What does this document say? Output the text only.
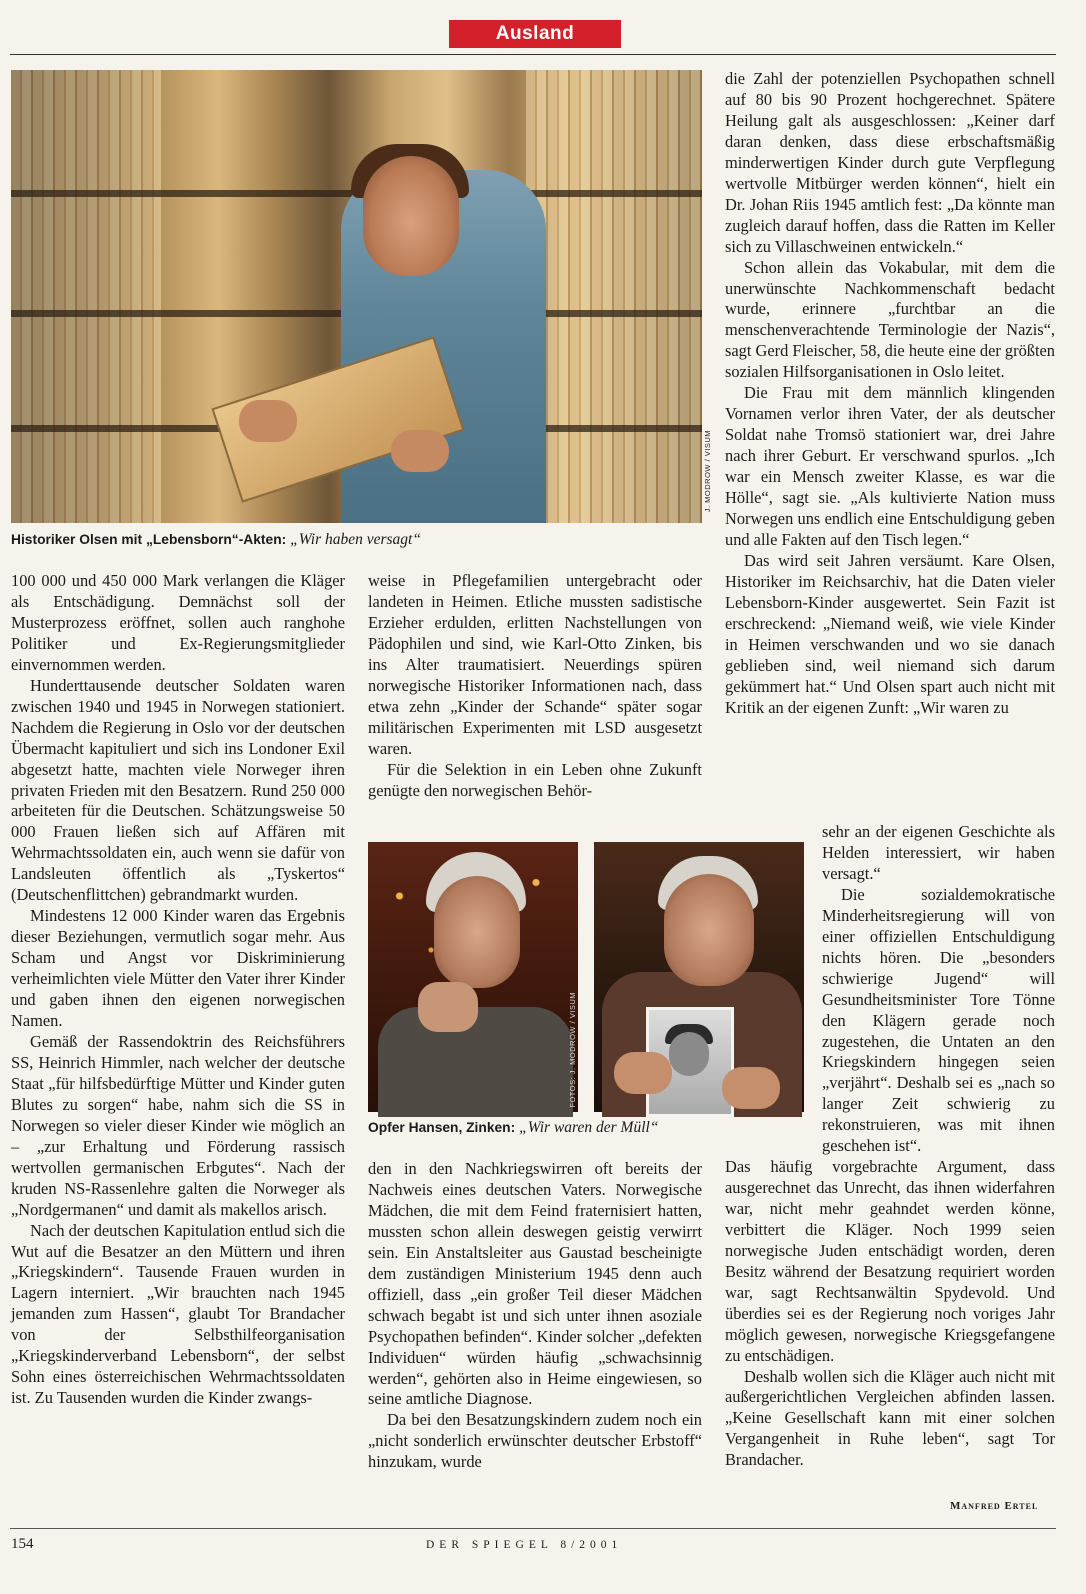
Ausland
J. MODROW / VISUM
Historiker Olsen mit „Lebensborn“-Akten: „Wir haben versagt“

100 000 und 450 000 Mark verlangen die Kläger als Entschädigung. Demnächst soll der Musterprozess eröffnet, sollen auch ranghohe Politiker und Ex-Regierungsmitglieder einvernommen werden.

Hunderttausende deutscher Soldaten waren zwischen 1940 und 1945 in Norwegen stationiert. Nachdem die Regierung in Oslo vor der deutschen Übermacht kapituliert und sich ins Londoner Exil abgesetzt hatte, machten viele Norweger ihren privaten Frieden mit den Besatzern. Rund 250 000 arbeiteten für die Deutschen. Schätzungsweise 50 000 Frauen ließen sich auf Affären mit Wehrmachtssoldaten ein, auch wenn sie dafür von Landsleuten öffentlich als „Tyskertos“ (Deutschenflittchen) gebrandmarkt wurden.

Mindestens 12 000 Kinder waren das Ergebnis dieser Beziehungen, vermutlich sogar mehr. Aus Scham und Angst vor Diskriminierung verheimlichten viele Mütter den Vater ihrer Kinder und gaben ihnen den eigenen norwegischen Namen.

Gemäß der Rassendoktrin des Reichsführers SS, Heinrich Himmler, nach welcher der deutsche Staat „für hilfsbedürftige Mütter und Kinder guten Blutes zu sorgen“ habe, nahm sich die SS in Norwegen so vieler dieser Kinder wie möglich an – „zur Erhaltung und Förderung rassisch wertvollen germanischen Erbgutes“. Nach der kruden NS-Rassenlehre galten die Norweger als „Nordgermanen“ und damit als makellos arisch.

Nach der deutschen Kapitulation entlud sich die Wut auf die Besatzer an den Müttern und ihren „Kriegskindern“. Tausende Frauen wurden in Lagern interniert. „Wir brauchten nach 1945 jemanden zum Hassen“, glaubt Tor Brandacher von der Selbsthilfeorganisation „Kriegskinderverband Lebensborn“, der selbst Sohn eines österreichischen Wehrmachtssoldaten ist. Zu Tausenden wurden die Kinder zwangs-

weise in Pflegefamilien untergebracht oder landeten in Heimen. Etliche mussten sadistische Erzieher erdulden, erlitten Nachstellungen von Pädophilen und sind, wie Karl-Otto Zinken, bis ins Alter traumatisiert. Neuerdings spüren norwegische Historiker Informationen nach, dass etwa zehn „Kinder der Schande“ später sogar militärischen Experimenten mit LSD ausgesetzt waren.

Für die Selektion in ein Leben ohne Zukunft genügte den norwegischen Behör-

FOTOS: J. MODROW / VISUM
Opfer Hansen, Zinken: „Wir waren der Müll“

den in den Nachkriegswirren oft bereits der Nachweis eines deutschen Vaters. Norwegische Mädchen, die mit dem Feind fraternisiert hatten, mussten schon allein deswegen geistig verwirrt sein. Ein Anstaltsleiter aus Gaustad bescheinigte dem zuständigen Ministerium 1945 denn auch offiziell, dass „ein großer Teil dieser Mädchen schwach begabt ist und sich unter ihnen asoziale Psychopathen befinden“. Kinder solcher „defekten Individuen“ würden häufig „schwachsinnig werden“, gehörten also in Heime eingewiesen, so seine amtliche Diagnose.

Da bei den Besatzungskindern zudem noch ein „nicht sonderlich erwünschter deutscher Erbstoff“ hinzukam, wurde

die Zahl der potenziellen Psychopathen schnell auf 80 bis 90 Prozent hochgerechnet. Spätere Heilung galt als ausgeschlossen: „Keiner darf daran denken, dass diese erbschaftsmäßig minderwertigen Kinder durch gute Verpflegung wertvolle Mitbürger werden können“, hielt ein Dr. Johan Riis 1945 amtlich fest: „Da könnte man zugleich darauf hoffen, dass die Ratten im Keller sich zu Villaschweinen entwickeln.“

Schon allein das Vokabular, mit dem die unerwünschte Nachkommenschaft bedacht wurde, erinnere „furchtbar an die menschenverachtende Terminologie der Nazis“, sagt Gerd Fleischer, 58, die heute eine der größten sozialen Hilfsorganisationen in Oslo leitet.

Die Frau mit dem männlich klingenden Vornamen verlor ihren Vater, der als deutscher Soldat nahe Tromsö stationiert war, drei Jahre nach ihrer Geburt. Er verschwand spurlos. „Ich war ein Mensch zweiter Klasse, es war die Hölle“, sagt sie. „Als kultivierte Nation muss Norwegen uns endlich eine Entschuldigung geben und alle Fakten auf den Tisch legen.“

Das wird seit Jahren versäumt. Kare Olsen, Historiker im Reichsarchiv, hat die Daten vieler Lebensborn-Kinder ausgewertet. Sein Fazit ist erschreckend: „Niemand weiß, wie viele Kinder in Heimen verschwanden und wo sie danach geblieben sind, weil niemand sich darum gekümmert hat.“ Und Olsen spart auch nicht mit Kritik an der eigenen Zunft: „Wir waren zu

sehr an der eigenen Geschichte als Helden interessiert, wir haben versagt.“

Die sozialdemokratische Minderheitsregierung will von einer offiziellen Entschuldigung nichts hören. Die „besonders schwierige Jugend“ will Gesundheitsminister Tore Tönne den Klägern gerade noch zugestehen, die Untaten an den Kriegskindern hingegen seien „verjährt“. Deshalb sei es „nach so langer Zeit schwierig zu rekonstruieren, was mit ihnen geschehen ist“.

Das häufig vorgebrachte Argument, dass ausgerechnet das Unrecht, das ihnen widerfahren war, nicht mehr geahndet werden könne, verbittert die Kläger. Noch 1999 seien norwegische Juden entschädigt worden, deren Besitz während der Besatzung requiriert worden war, sagt Rechtsanwältin Spydevold. Und überdies sei es der Regierung noch voriges Jahr möglich gewesen, norwegische Kriegsgefangene zu entschädigen.

Deshalb wollen sich die Kläger auch nicht mit außergerichtlichen Vergleichen abfinden lassen. „Keine Gesellschaft kann mit einer solchen Vergangenheit in Ruhe leben“, sagt Tor Brandacher.

Manfred Ertel
154	DER SPIEGEL 8/2001
